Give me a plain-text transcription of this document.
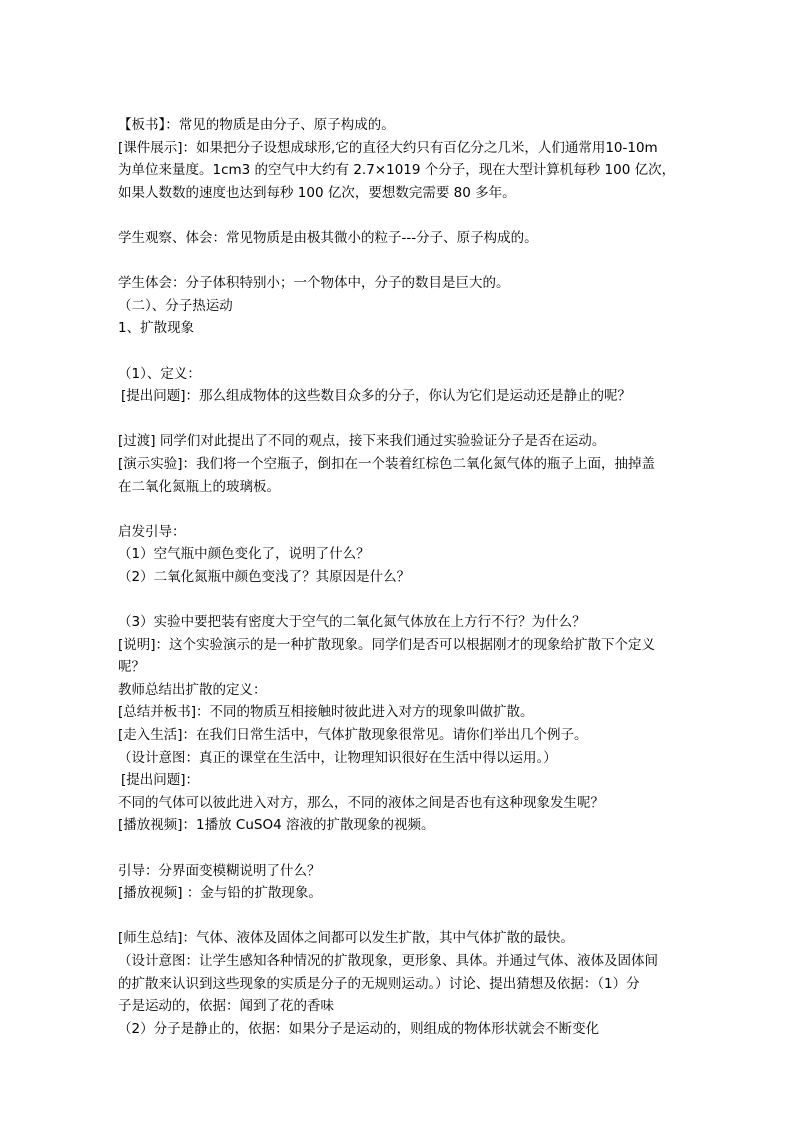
【板书】：常见的物质是由分子、原子构成的。
[课件展示]：如果把分子设想成球形,它的直径大约只有百亿分之几米，人们通常用10-10m
为单位来量度。1cm3 的空气中大约有 2.7×1019 个分子，现在大型计算机每秒 100 亿次，
如果人数数的速度也达到每秒 100 亿次，要想数完需要 80 多年。
学生观察、体会：常见物质是由极其微小的粒子---分子、原子构成的。
学生体会：分子体积特别小；一个物体中，分子的数目是巨大的。
（二）、分子热运动
1、扩散现象
（1）、定义：
[提出问题]：那么组成物体的这些数目众多的分子，你认为它们是运动还是静止的呢？
[过渡] 同学们对此提出了不同的观点，接下来我们通过实验验证分子是否在运动。
[演示实验]：我们将一个空瓶子，倒扣在一个装着红棕色二氧化氮气体的瓶子上面，抽掉盖
在二氧化氮瓶上的玻璃板。
启发引导：
（1）空气瓶中颜色变化了，说明了什么？
（2）二氧化氮瓶中颜色变浅了？其原因是什么？
（3）实验中要把装有密度大于空气的二氧化氮气体放在上方行不行？为什么？
[说明]：这个实验演示的是一种扩散现象。同学们是否可以根据刚才的现象给扩散下个定义
呢？
教师总结出扩散的定义：
[总结并板书]：不同的物质互相接触时彼此进入对方的现象叫做扩散。
[走入生活]：在我们日常生活中，气体扩散现象很常见。请你们举出几个例子。
（设计意图：真正的课堂在生活中，让物理知识很好在生活中得以运用。）
[提出问题]：
不同的气体可以彼此进入对方，那么，不同的液体之间是否也有这种现象发生呢？
[播放视频]：1播放 CuSO4 溶液的扩散现象的视频。
引导：分界面变模糊说明了什么？
[播放视频] ：金与铅的扩散现象。
[师生总结]：气体、液体及固体之间都可以发生扩散，其中气体扩散的最快。
（设计意图：让学生感知各种情况的扩散现象，更形象、具体。并通过气体、液体及固体间
的扩散来认识到这些现象的实质是分子的无规则运动。）讨论、提出猜想及依据：（1）分
子是运动的，依据：闻到了花的香味
（2）分子是静止的，依据：如果分子是运动的，则组成的物体形状就会不断变化
